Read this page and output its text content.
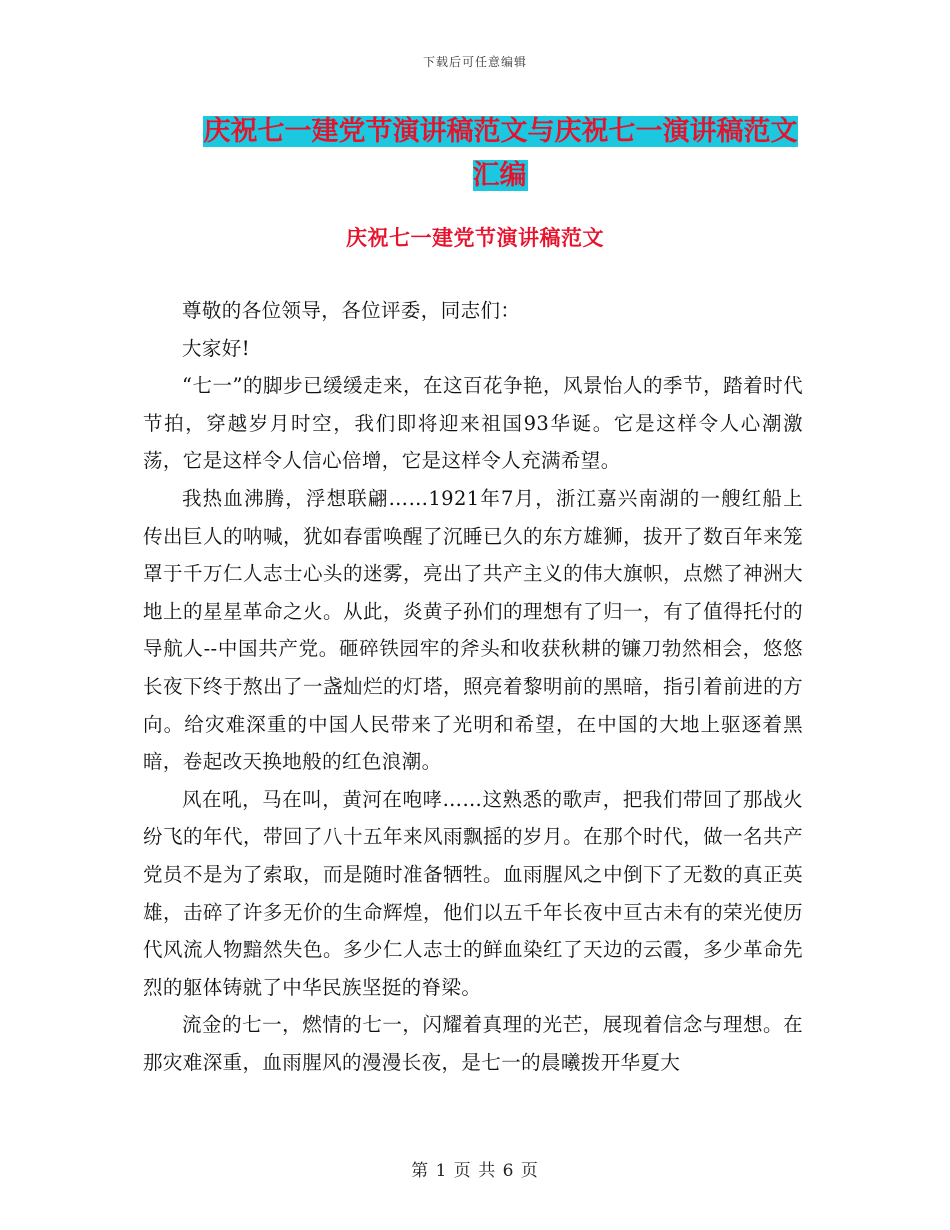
下载后可任意编辑
庆祝七一建党节演讲稿范文与庆祝七一演讲稿范文汇编
庆祝七一建党节演讲稿范文

尊敬的各位领导，各位评委，同志们：

大家好!

“七一”的脚步已缓缓走来，在这百花争艳，风景怡人的季节，踏着时代节拍，穿越岁月时空，我们即将迎来祖国93华诞。它是这样令人心潮激荡，它是这样令人信心倍增，它是这样令人充满希望。

我热血沸腾，浮想联翩……1921年7月，浙江嘉兴南湖的一艘红船上传出巨人的呐喊，犹如春雷唤醒了沉睡已久的东方雄狮，拔开了数百年来笼罩于千万仁人志士心头的迷雾，亮出了共产主义的伟大旗帜，点燃了神洲大地上的星星革命之火。从此，炎黄子孙们的理想有了归一，有了值得托付的导航人--中国共产党。砸碎铁园牢的斧头和收获秋耕的镰刀勃然相会，悠悠长夜下终于熬出了一盏灿烂的灯塔，照亮着黎明前的黑暗，指引着前进的方向。给灾难深重的中国人民带来了光明和希望，在中国的大地上驱逐着黑暗，卷起改天换地般的红色浪潮。

风在吼，马在叫，黄河在咆哮……这熟悉的歌声，把我们带回了那战火纷飞的年代，带回了八十五年来风雨飘摇的岁月。在那个时代，做一名共产党员不是为了索取，而是随时准备牺牲。血雨腥风之中倒下了无数的真正英雄，击碎了许多无价的生命辉煌，他们以五千年长夜中亘古未有的荣光使历代风流人物黯然失色。多少仁人志士的鲜血染红了天边的云霞，多少革命先烈的躯体铸就了中华民族坚挺的脊梁。

流金的七一，燃情的七一，闪耀着真理的光芒，展现着信念与理想。在那灾难深重，血雨腥风的漫漫长夜，是七一的晨曦拨开华夏大

第 1 页 共 6 页
